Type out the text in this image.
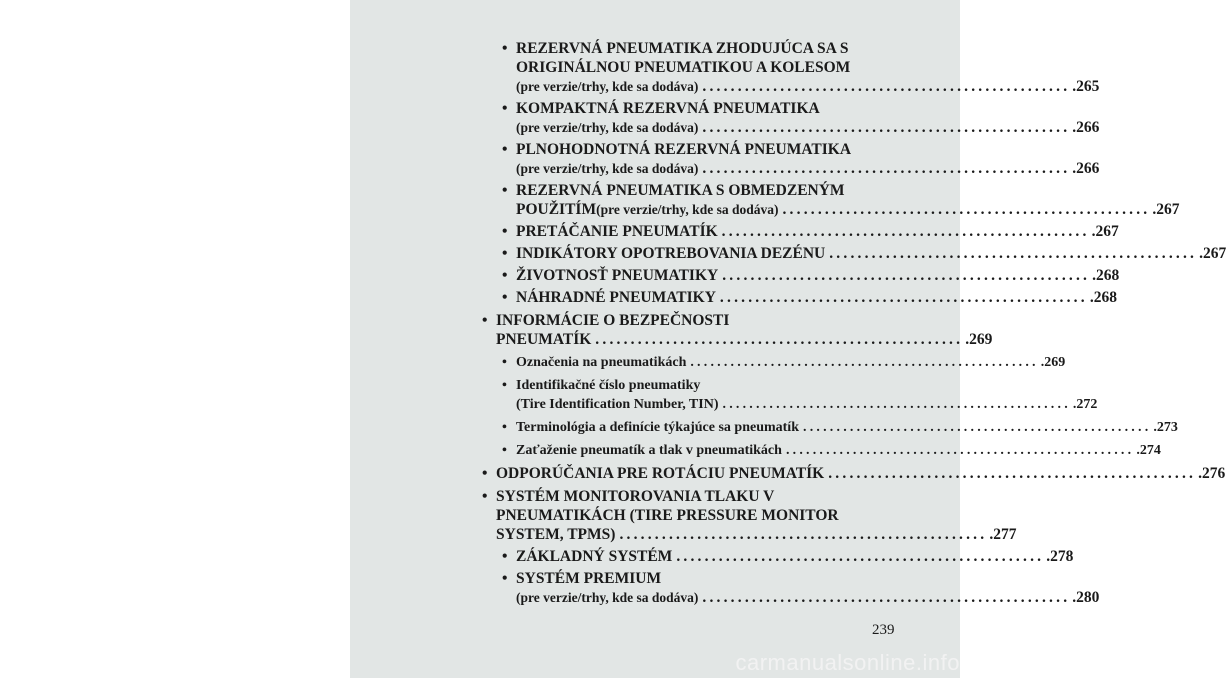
• REZERVNÁ PNEUMATIKA ZHODUJÚCA SA S
ORIGINÁLNOU PNEUMATIKOU A KOLESOM
(pre verzie/trhy, kde sa dodáva) .................................................... .265
• KOMPAKTNÁ REZERVNÁ PNEUMATIKA
(pre verzie/trhy, kde sa dodáva) .................................................... .266
• PLNOHODNOTNÁ REZERVNÁ PNEUMATIKA
(pre verzie/trhy, kde sa dodáva) .................................................... .266
• REZERVNÁ PNEUMATIKA S OBMEDZENÝM
POUŽITÍM (pre verzie/trhy, kde sa dodáva) .................................................... .267
• PRETÁČANIE PNEUMATÍK .................................................... .267
• INDIKÁTORY OPOTREBOVANIA DEZÉNU .................................................... .267
• ŽIVOTNOSŤ PNEUMATIKY .................................................... .268
• NÁHRADNÉ PNEUMATIKY .................................................... .268
• INFORMÁCIE O BEZPEČNOSTI
PNEUMATÍK .................................................... .269
• Označenia na pneumatikách .................................................... .269
• Identifikačné číslo pneumatiky
(Tire Identification Number, TIN) .................................................... .272
• Terminológia a definície týkajúce sa pneumatík .................................................... .273
• Zaťaženie pneumatík a tlak v pneumatikách .................................................... .274
• ODPORÚČANIA PRE ROTÁCIU PNEUMATÍK .................................................... .276
• SYSTÉM MONITOROVANIA TLAKU V
PNEUMATIKÁCH (TIRE PRESSURE MONITOR
SYSTEM, TPMS) .................................................... .277
• ZÁKLADNÝ SYSTÉM .................................................... .278
• SYSTÉM PREMIUM
(pre verzie/trhy, kde sa dodáva) .................................................... .280
239
carmanualsonline.info
